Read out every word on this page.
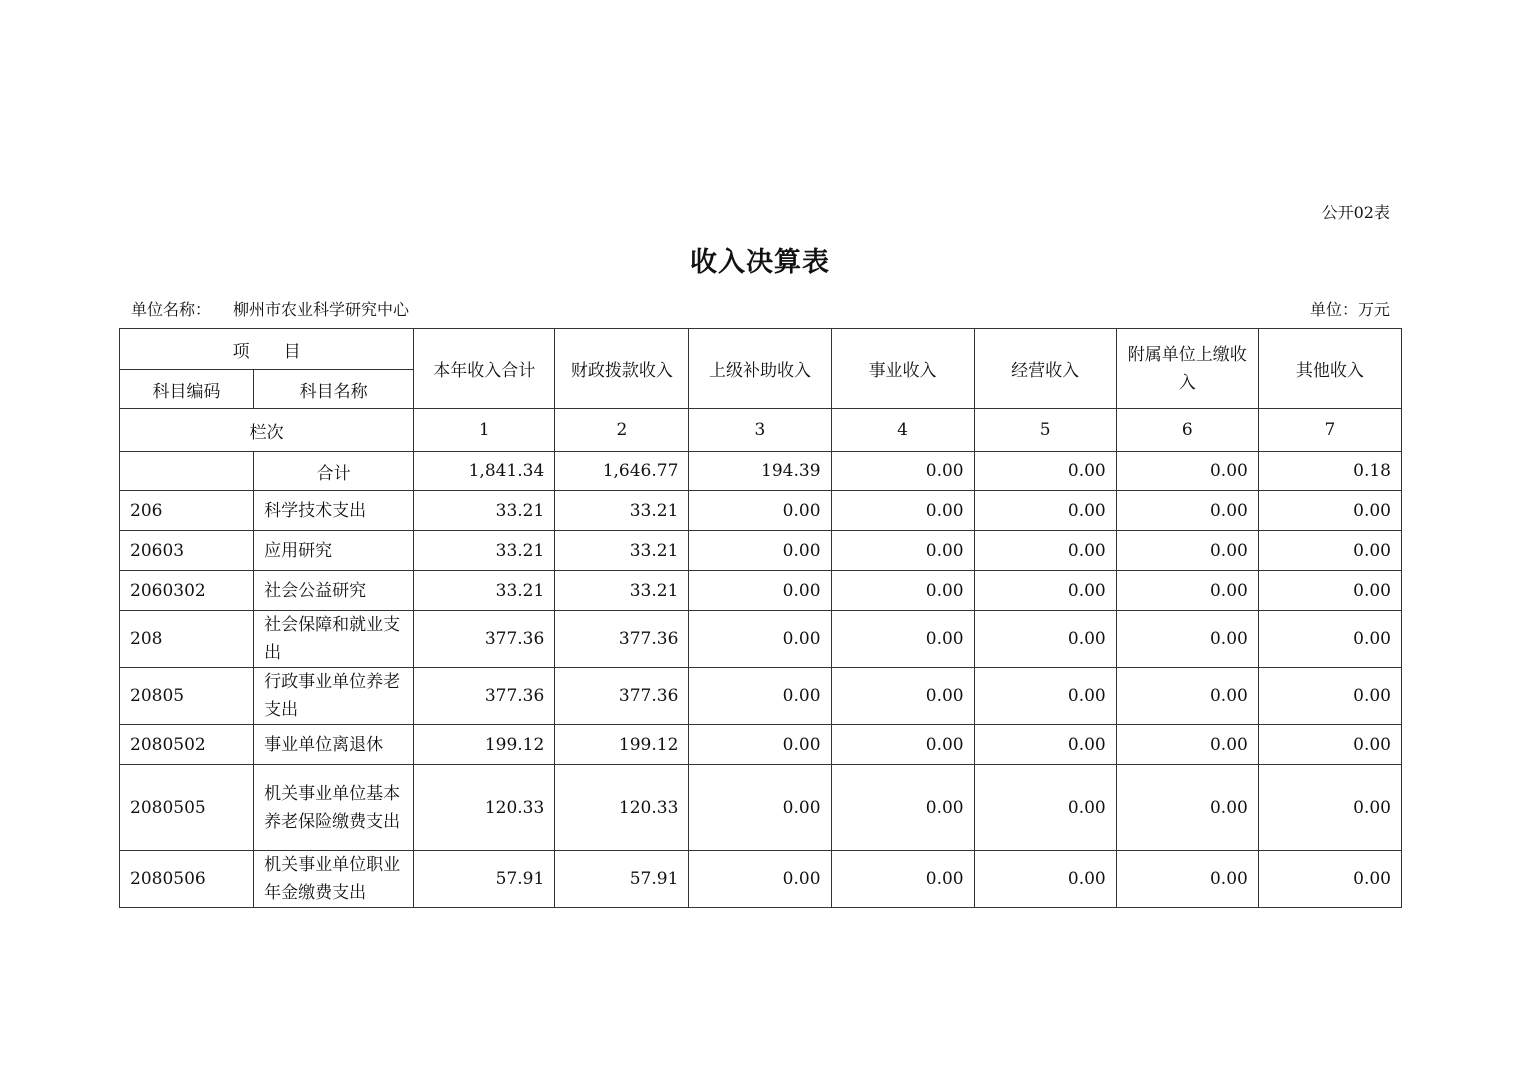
公开02表
收入决算表
单位名称： 柳州市农业科学研究中心	单位：万元
项　　目		本年收入合计	财政拨款收入	上级补助收入	事业收入	经营收入	附属单位上缴收入	其他收入
科目编码	科目名称							
栏次		1	2	3	4	5	6	7
	合计	1,841.34	1,646.77	194.39	0.00	0.00	0.00	0.18
206	科学技术支出	33.21	33.21	0.00	0.00	0.00	0.00	0.00
20603	应用研究	33.21	33.21	0.00	0.00	0.00	0.00	0.00
2060302	社会公益研究	33.21	33.21	0.00	0.00	0.00	0.00	0.00
208	社会保障和就业支出	377.36	377.36	0.00	0.00	0.00	0.00	0.00
20805	行政事业单位养老支出	377.36	377.36	0.00	0.00	0.00	0.00	0.00
2080502	事业单位离退休	199.12	199.12	0.00	0.00	0.00	0.00	0.00
2080505	机关事业单位基本养老保险缴费支出	120.33	120.33	0.00	0.00	0.00	0.00	0.00
2080506	机关事业单位职业年金缴费支出	57.91	57.91	0.00	0.00	0.00	0.00	0.00
